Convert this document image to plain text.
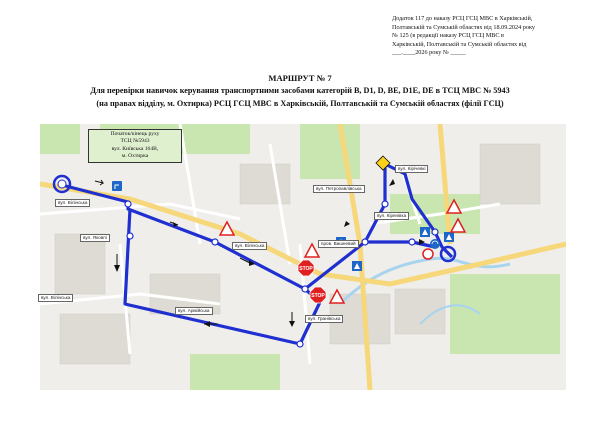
Додаток 117 до наказу РСЦ ГСЦ МВС в Харківській,
Полтавській та Сумській областях від 18.09.2024 року
№ 125 (в редакції наказу РСЦ ГСЦ МВС в
Харківській, Полтавській та Сумській областях від
___.____2026 року № _____
МАРШРУТ № 7
Для перевірки навичок керування транспортними засобами категорій B, D1, D, BE, D1E, DE в ТСЦ МВС № 5943
(на правах відділу, м. Охтирка) РСЦ ГСЦ МВС в Харківській, Полтавській та Сумській областях (філії ГСЦ)
STOP
STOP
Початок/кінець руху
ТСЦ №5943
вул. Київська 164В,
м. Охтирка
вул. Вілінська
вул. Яковлі
вул. Вілінська
вул. Вілінська
вул. Армійська
вул. Петропавлівська
вул. Кірічевкі
вул. Кірянівка
вул. Гранівська
пров. Вишневий
